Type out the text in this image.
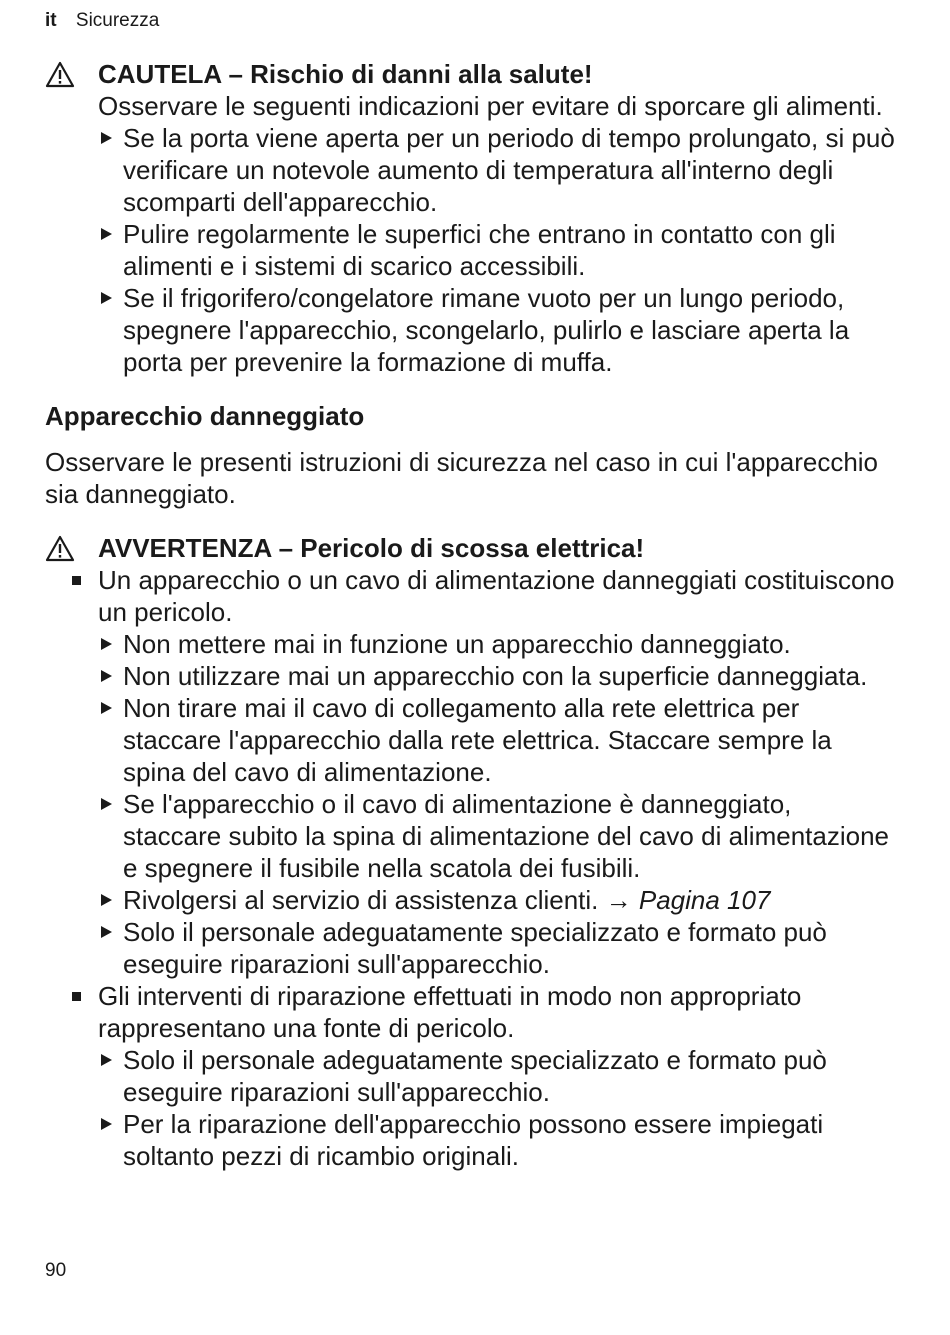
it Sicurezza
CAUTELA – Rischio di danni alla salute!
Osservare le seguenti indicazioni per evitare di sporcare gli alimenti.
Se la porta viene aperta per un periodo di tempo prolungato, si può verificare un notevole aumento di temperatura all'interno degli scomparti dell'apparecchio.
Pulire regolarmente le superfici che entrano in contatto con gli alimenti e i sistemi di scarico accessibili.
Se il frigorifero/congelatore rimane vuoto per un lungo periodo, spegnere l'apparecchio, scongelarlo, pulirlo e lasciare aperta la porta per prevenire la formazione di muffa.
Apparecchio danneggiato
Osservare le presenti istruzioni di sicurezza nel caso in cui l'apparecchio sia danneggiato.
AVVERTENZA – Pericolo di scossa elettrica!
Un apparecchio o un cavo di alimentazione danneggiati costituiscono un pericolo.
Non mettere mai in funzione un apparecchio danneggiato.
Non utilizzare mai un apparecchio con la superficie danneggiata.
Non tirare mai il cavo di collegamento alla rete elettrica per staccare l'apparecchio dalla rete elettrica. Staccare sempre la spina del cavo di alimentazione.
Se l'apparecchio o il cavo di alimentazione è danneggiato, staccare subito la spina di alimentazione del cavo di alimentazione e spegnere il fusibile nella scatola dei fusibili.
Rivolgersi al servizio di assistenza clienti. → Pagina 107
Solo il personale adeguatamente specializzato e formato può eseguire riparazioni sull'apparecchio.
Gli interventi di riparazione effettuati in modo non appropriato rappresentano una fonte di pericolo.
Solo il personale adeguatamente specializzato e formato può eseguire riparazioni sull'apparecchio.
Per la riparazione dell'apparecchio possono essere impiegati soltanto pezzi di ricambio originali.
90
